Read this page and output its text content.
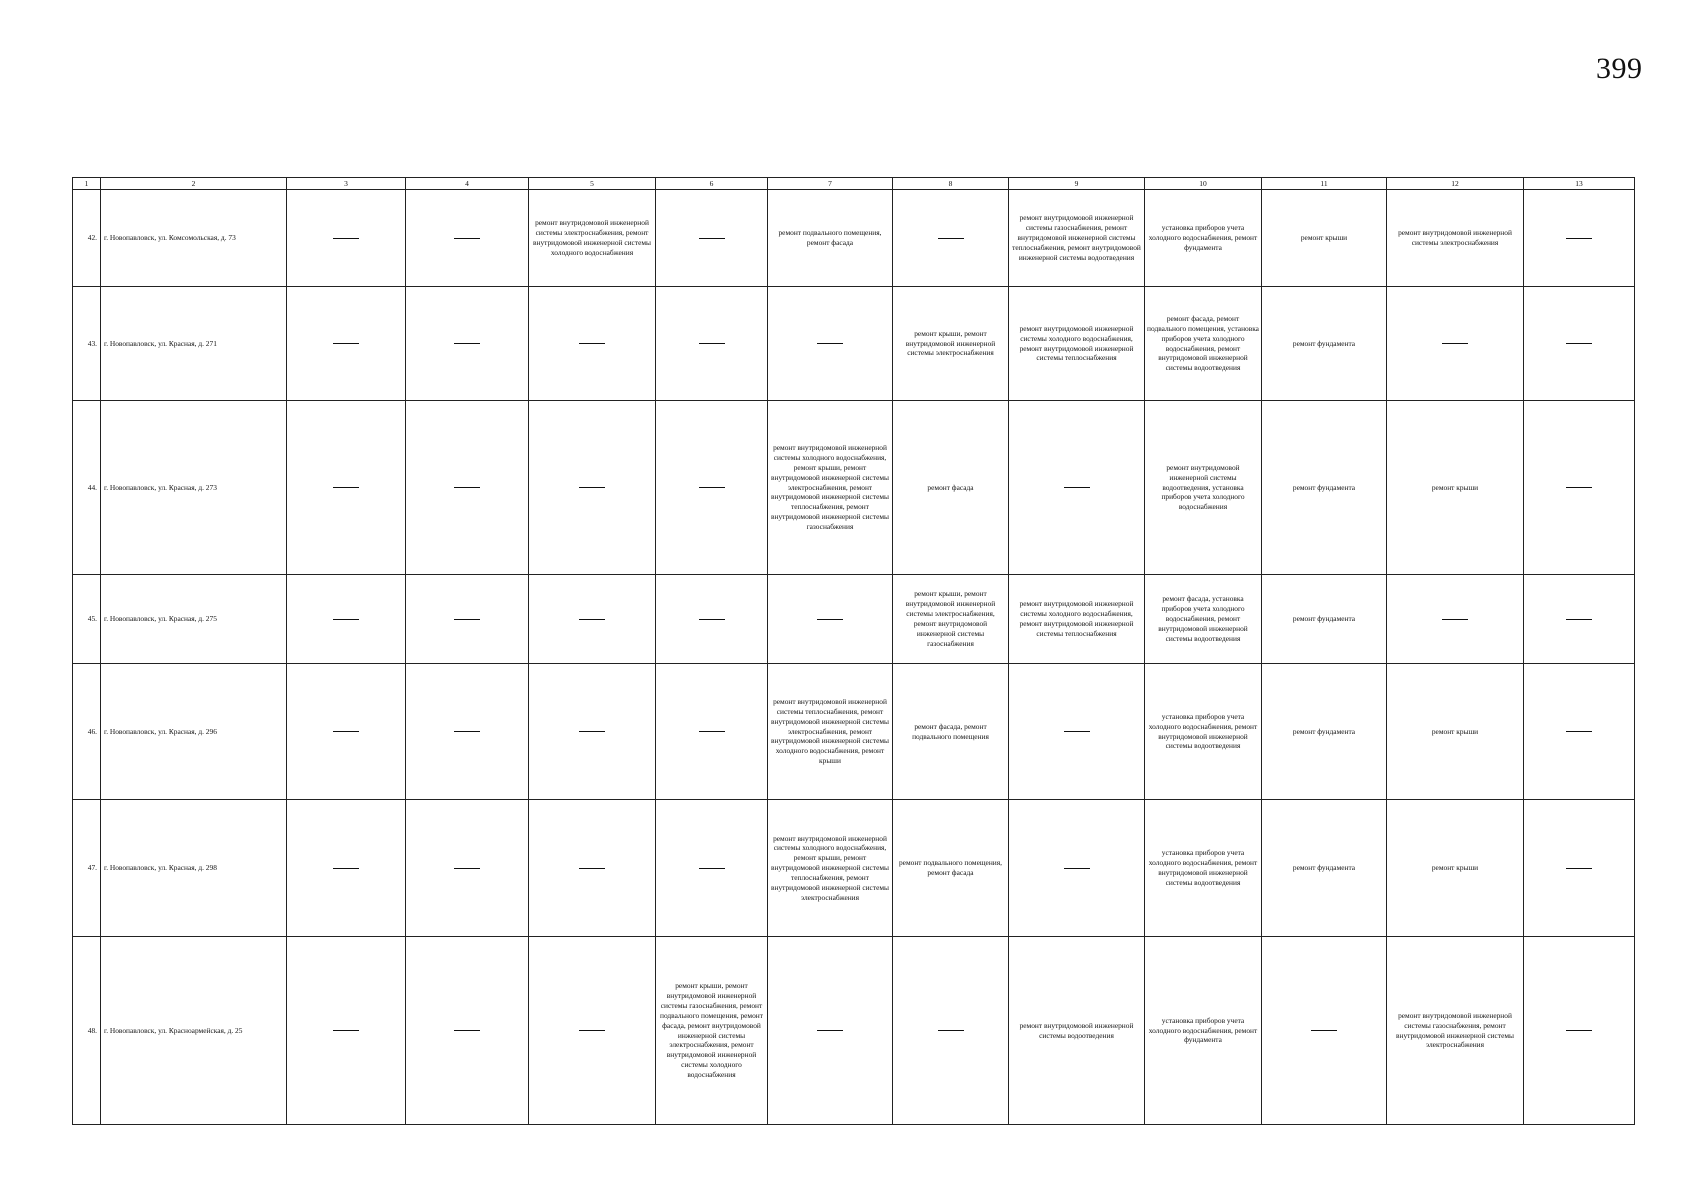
399
1	2	3	4	5	6	7	8	9	10	11	12	13
42.	г. Новопавловск, ул. Комсомольская, д. 73			ремонт внутридомовой инженерной системы электроснабжения, ремонт внутридомовой инженерной системы холодного водоснабжения		ремонт подвального помещения, ремонт фасада		ремонт внутридомовой инженерной системы газоснабжения, ремонт внутридомовой инженерной системы теплоснабжения, ремонт внутридомовой инженерной системы водоотведения	установка приборов учета холодного водоснабжения, ремонт фундамента	ремонт крыши	ремонт внутридомовой инженерной системы электроснабжения	
43.	г. Новопавловск, ул. Красная, д. 271						ремонт крыши, ремонт внутридомовой инженерной системы электроснабжения	ремонт внутридомовой инженерной системы холодного водоснабжения, ремонт внутридомовой инженерной системы теплоснабжения	ремонт фасада, ремонт подвального помещения, установка приборов учета холодного водоснабжения, ремонт внутридомовой инженерной системы водоотведения	ремонт фундамента		
44.	г. Новопавловск, ул. Красная, д. 273					ремонт внутридомовой инженерной системы холодного водоснабжения, ремонт крыши, ремонт внутридомовой инженерной системы электроснабжения, ремонт внутридомовой инженерной системы теплоснабжения, ремонт внутридомовой инженерной системы газоснабжения	ремонт фасада		ремонт внутридомовой инженерной системы водоотведения, установка приборов учета холодного водоснабжения	ремонт фундамента	ремонт крыши	
45.	г. Новопавловск, ул. Красная, д. 275						ремонт крыши, ремонт внутридомовой инженерной системы электроснабжения, ремонт внутридомовой инженерной системы газоснабжения	ремонт внутридомовой инженерной системы холодного водоснабжения, ремонт внутридомовой инженерной системы теплоснабжения	ремонт фасада, установка приборов учета холодного водоснабжения, ремонт внутридомовой инженерной системы водоотведения	ремонт фундамента		
46.	г. Новопавловск, ул. Красная, д. 296					ремонт внутридомовой инженерной системы теплоснабжения, ремонт внутридомовой инженерной системы электроснабжения, ремонт внутридомовой инженерной системы холодного водоснабжения, ремонт крыши	ремонт фасада, ремонт подвального помещения		установка приборов учета холодного водоснабжения, ремонт внутридомовой инженерной системы водоотведения	ремонт фундамента	ремонт крыши	
47.	г. Новопавловск, ул. Красная, д. 298					ремонт внутридомовой инженерной системы холодного водоснабжения, ремонт крыши, ремонт внутридомовой инженерной системы теплоснабжения, ремонт внутридомовой инженерной системы электроснабжения	ремонт подвального помещения, ремонт фасада		установка приборов учета холодного водоснабжения, ремонт внутридомовой инженерной системы водоотведения	ремонт фундамента	ремонт крыши	
48.	г. Новопавловск, ул. Красноармейская, д. 25				ремонт крыши, ремонт внутридомовой инженерной системы газоснабжения, ремонт подвального помещения, ремонт фасада, ремонт внутридомовой инженерной системы электроснабжения, ремонт внутридомовой инженерной системы холодного водоснабжения			ремонт внутридомовой инженерной системы водоотведения	установка приборов учета холодного водоснабжения, ремонт фундамента		ремонт внутридомовой инженерной системы газоснабжения, ремонт внутридомовой инженерной системы электроснабжения	
